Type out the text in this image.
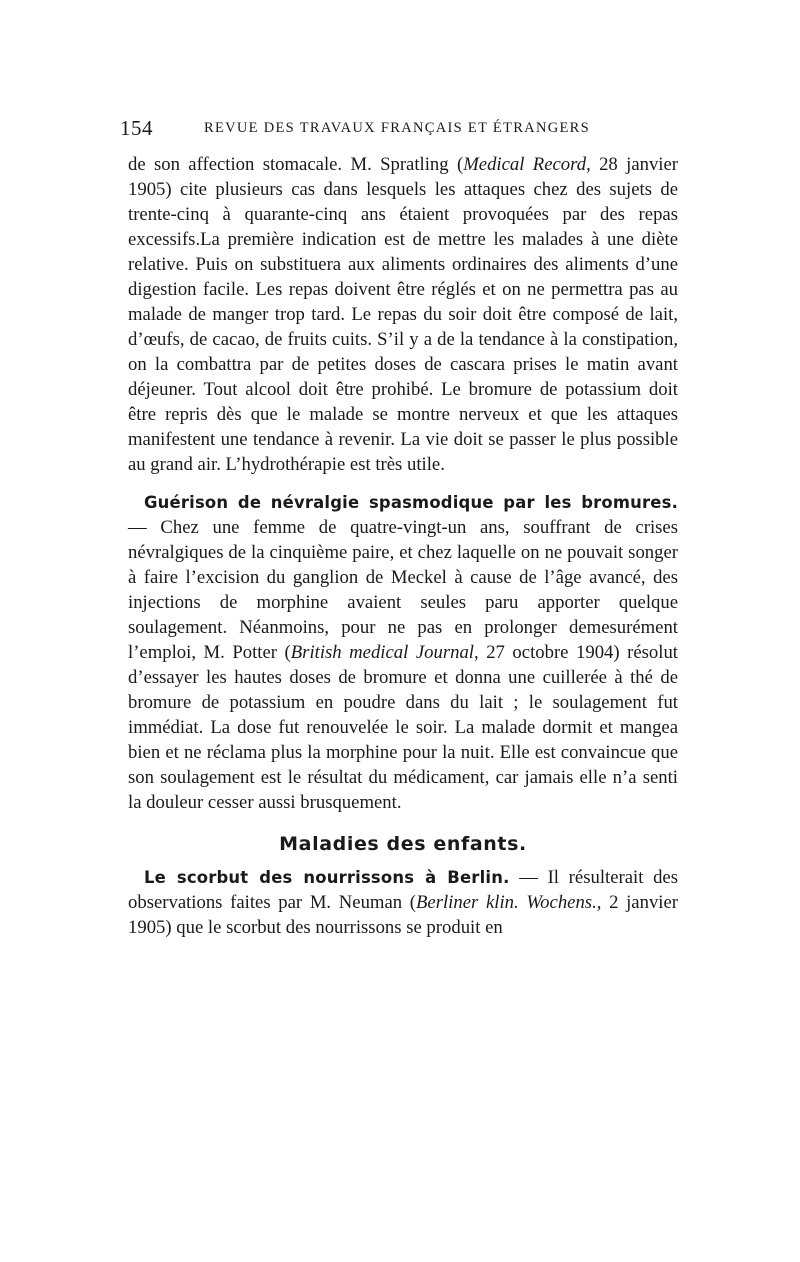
154	REVUE DES TRAVAUX FRANÇAIS ET ÉTRANGERS

de son affection stomacale. M. Spratling (Medical Record, 28 janvier 1905) cite plusieurs cas dans lesquels les attaques chez des sujets de trente-cinq à quarante-cinq ans étaient provoquées par des repas excessifs.La première indication est de mettre les malades à une diète relative. Puis on substituera aux aliments ordinaires des aliments d’une digestion facile. Les repas doivent être réglés et on ne permettra pas au malade de manger trop tard. Le repas du soir doit être composé de lait, d’œufs, de cacao, de fruits cuits. S’il y a de la tendance à la constipation, on la combattra par de petites doses de cascara prises le matin avant déjeuner. Tout alcool doit être prohibé. Le bromure de potassium doit être repris dès que le malade se montre nerveux et que les attaques manifestent une tendance à revenir. La vie doit se passer le plus possible au grand air. L’hydrothérapie est très utile.

Guérison de névralgie spasmodique par les bromures. — Chez une femme de quatre-vingt-un ans, souffrant de crises névralgiques de la cinquième paire, et chez laquelle on ne pouvait songer à faire l’excision du ganglion de Meckel à cause de l’âge avancé, des injections de morphine avaient seules paru apporter quelque soulagement. Néanmoins, pour ne pas en prolonger demesurément l’emploi, M. Potter (British medical Journal, 27 octobre 1904) résolut d’essayer les hautes doses de bromure et donna une cuillerée à thé de bromure de potassium en poudre dans du lait ; le soulagement fut immédiat. La dose fut renouvelée le soir. La malade dormit et mangea bien et ne réclama plus la morphine pour la nuit. Elle est convaincue que son soulagement est le résultat du médicament, car jamais elle n’a senti la douleur cesser aussi brusquement.

Maladies des enfants.

Le scorbut des nourrissons à Berlin. — Il résulterait des observations faites par M. Neuman (Berliner klin. Wochens., 2 janvier 1905) que le scorbut des nourrissons se produit en
